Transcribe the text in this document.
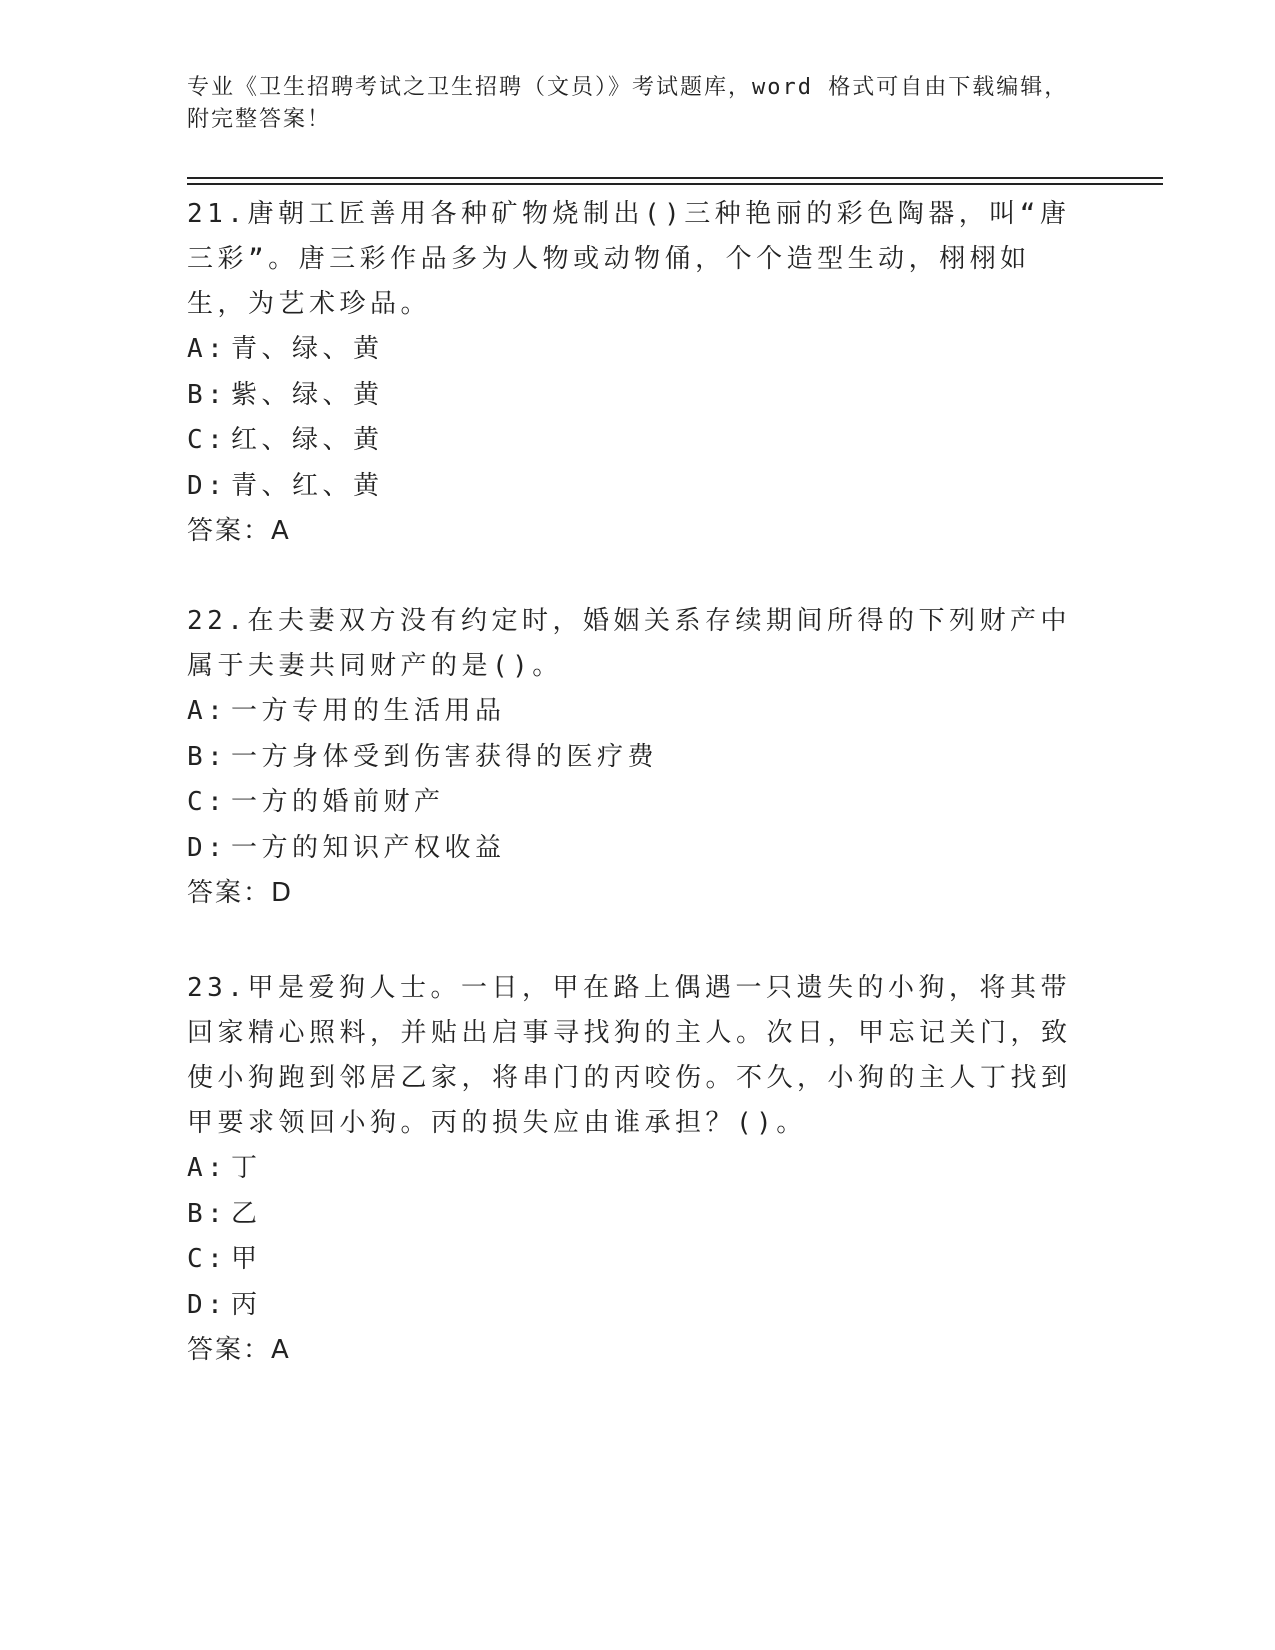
专业《卫生招聘考试之卫生招聘（文员）》考试题库，word 格式可自由下载编辑，附完整答案！

21.唐朝工匠善用各种矿物烧制出()三种艳丽的彩色陶器，叫“唐三彩”。唐三彩作品多为人物或动物俑，个个造型生动，栩栩如生，为艺术珍品。

A: 青、绿、黄
B: 紫、绿、黄
C: 红、绿、黄
D: 青、红、黄

答案：A

22.在夫妻双方没有约定时，婚姻关系存续期间所得的下列财产中属于夫妻共同财产的是()。

A: 一方专用的生活用品
B: 一方身体受到伤害获得的医疗费
C: 一方的婚前财产
D: 一方的知识产权收益

答案：D

23.甲是爱狗人士。一日，甲在路上偶遇一只遗失的小狗，将其带回家精心照料，并贴出启事寻找狗的主人。次日，甲忘记关门，致使小狗跑到邻居乙家，将串门的丙咬伤。不久，小狗的主人丁找到甲要求领回小狗。丙的损失应由谁承担？()。

A: 丁
B: 乙
C: 甲
D: 丙

答案：A
